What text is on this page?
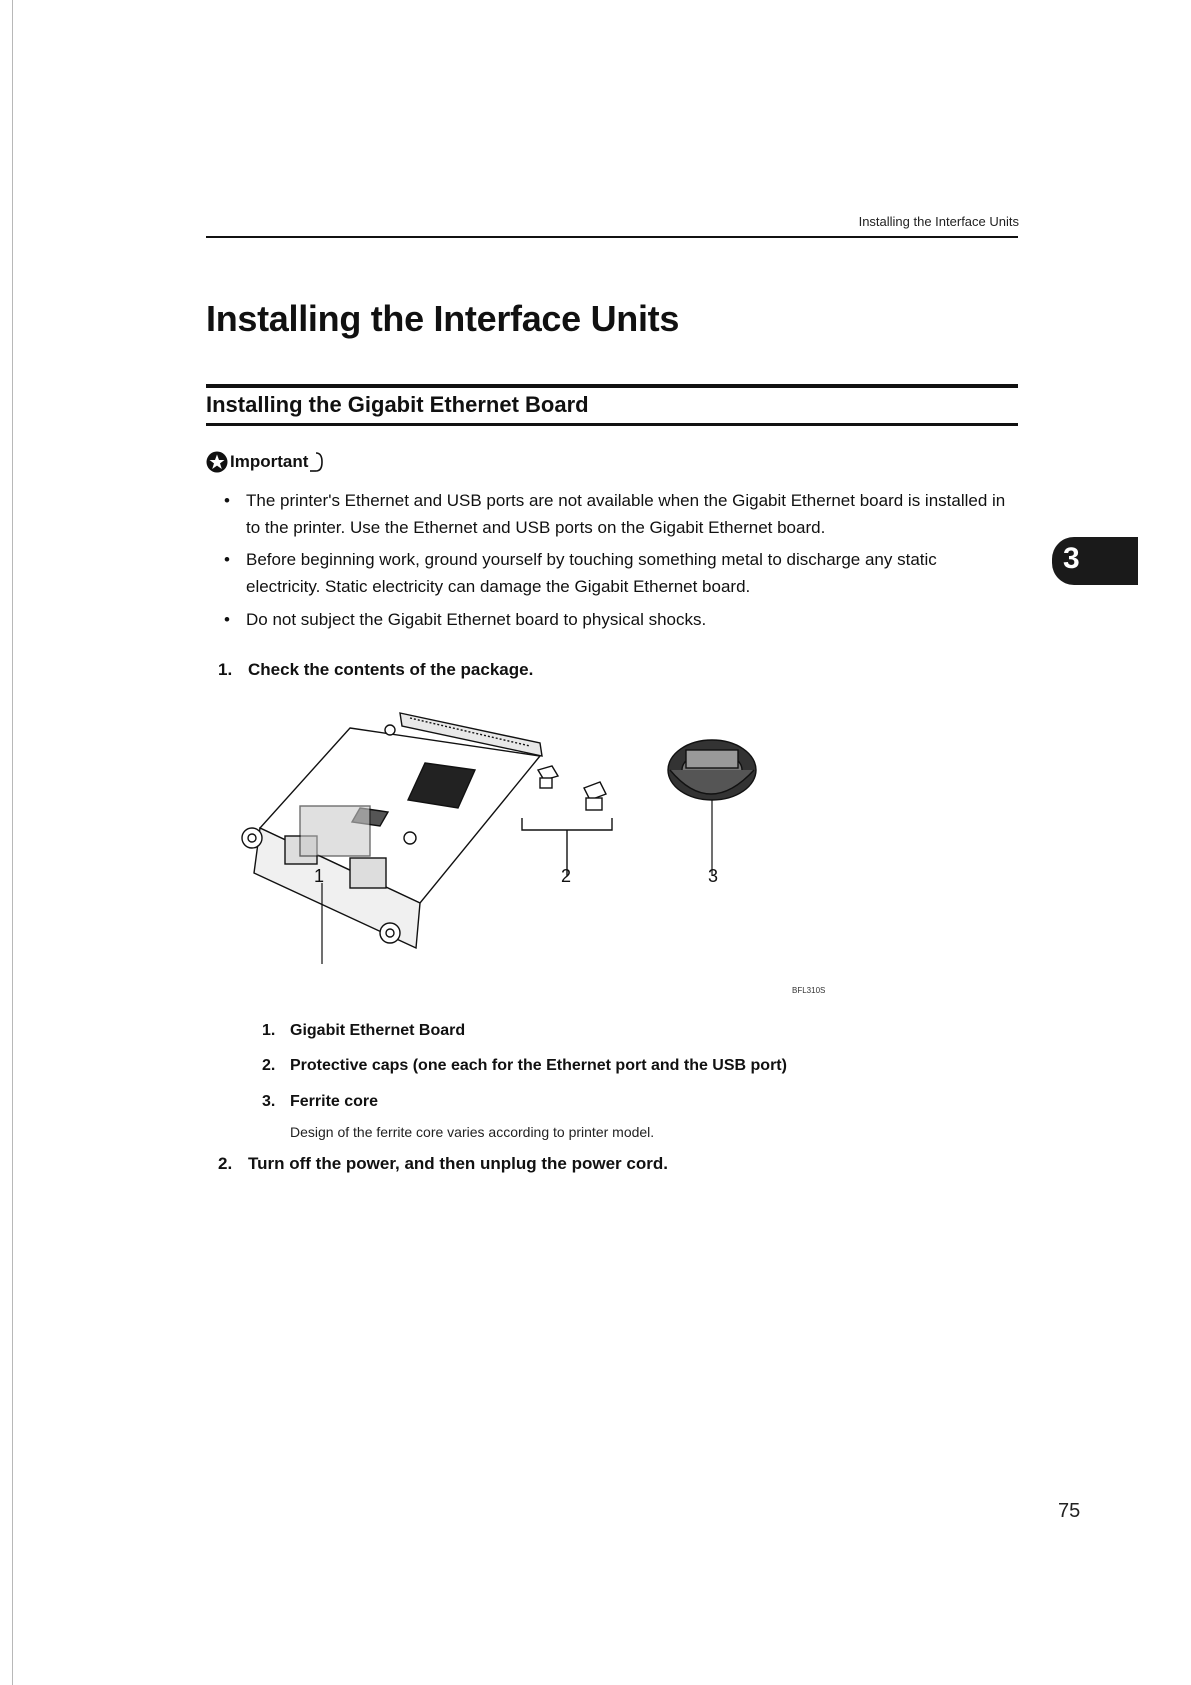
Installing the Interface Units
Installing the Interface Units
Installing the Gigabit Ethernet Board
Important
• The printer's Ethernet and USB ports are not available when the Gigabit Ethernet board is installed in
to the printer. Use the Ethernet and USB ports on the Gigabit Ethernet board.
• Before beginning work, ground yourself by touching something metal to discharge any static
electricity. Static electricity can damage the Gigabit Ethernet board.
• Do not subject the Gigabit Ethernet board to physical shocks.
1. Check the contents of the package.
3
1	2	3
BFL310S
1. Gigabit Ethernet Board
2. Protective caps (one each for the Ethernet port and the USB port)
3. Ferrite core
Design of the ferrite core varies according to printer model.
2. Turn off the power, and then unplug the power cord.
75
